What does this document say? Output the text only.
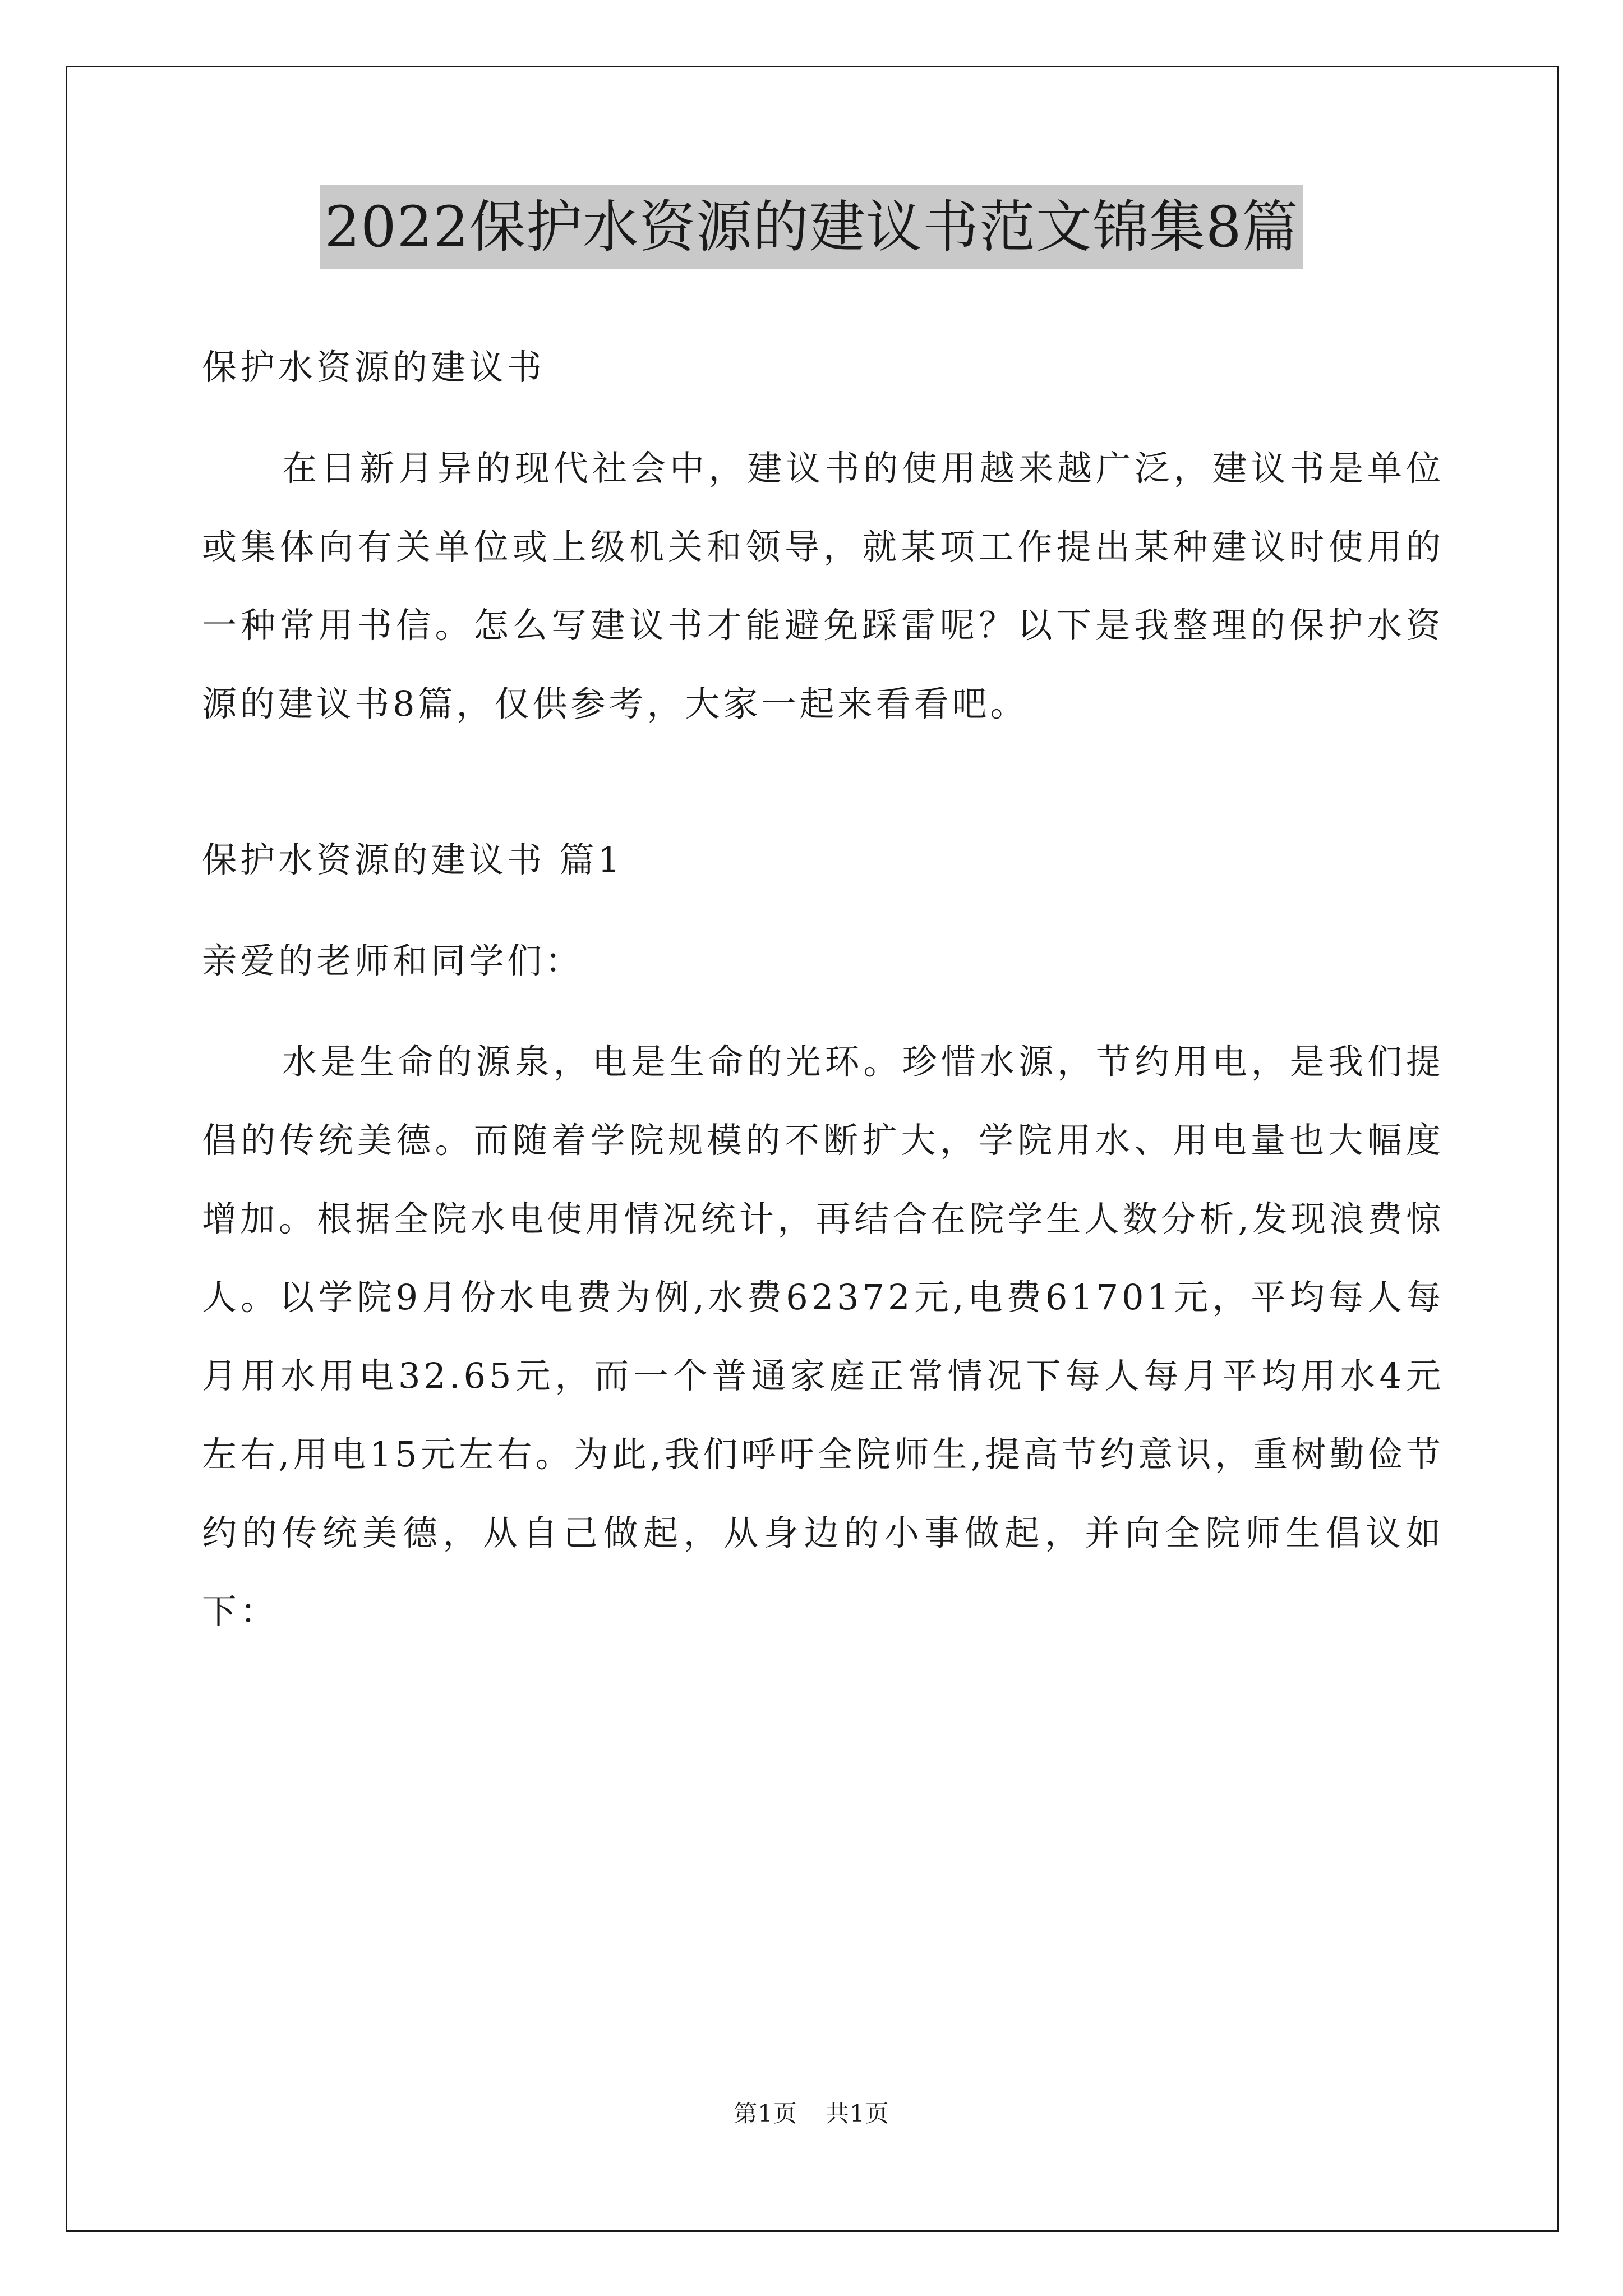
2022保护水资源的建议书范文锦集8篇

保护水资源的建议书

在日新月异的现代社会中，建议书的使用越来越广泛，建议书是单位或集体向有关单位或上级机关和领导，就某项工作提出某种建议时使用的一种常用书信。怎么写建议书才能避免踩雷呢？以下是我整理的保护水资源的建议书8篇，仅供参考，大家一起来看看吧。

保护水资源的建议书 篇1

亲爱的老师和同学们：

水是生命的源泉，电是生命的光环。珍惜水源，节约用电，是我们提倡的传统美德。而随着学院规模的不断扩大，学院用水、用电量也大幅度增加。根据全院水电使用情况统计，再结合在院学生人数分析,发现浪费惊人。以学院9月份水电费为例,水费62372元,电费61701元，平均每人每月用水用电32.65元，而一个普通家庭正常情况下每人每月平均用水4元左右,用电15元左右。为此,我们呼吁全院师生,提高节约意识，重树勤俭节约的传统美德，从自己做起，从身边的小事做起，并向全院师生倡议如下：

第1页 共1页
